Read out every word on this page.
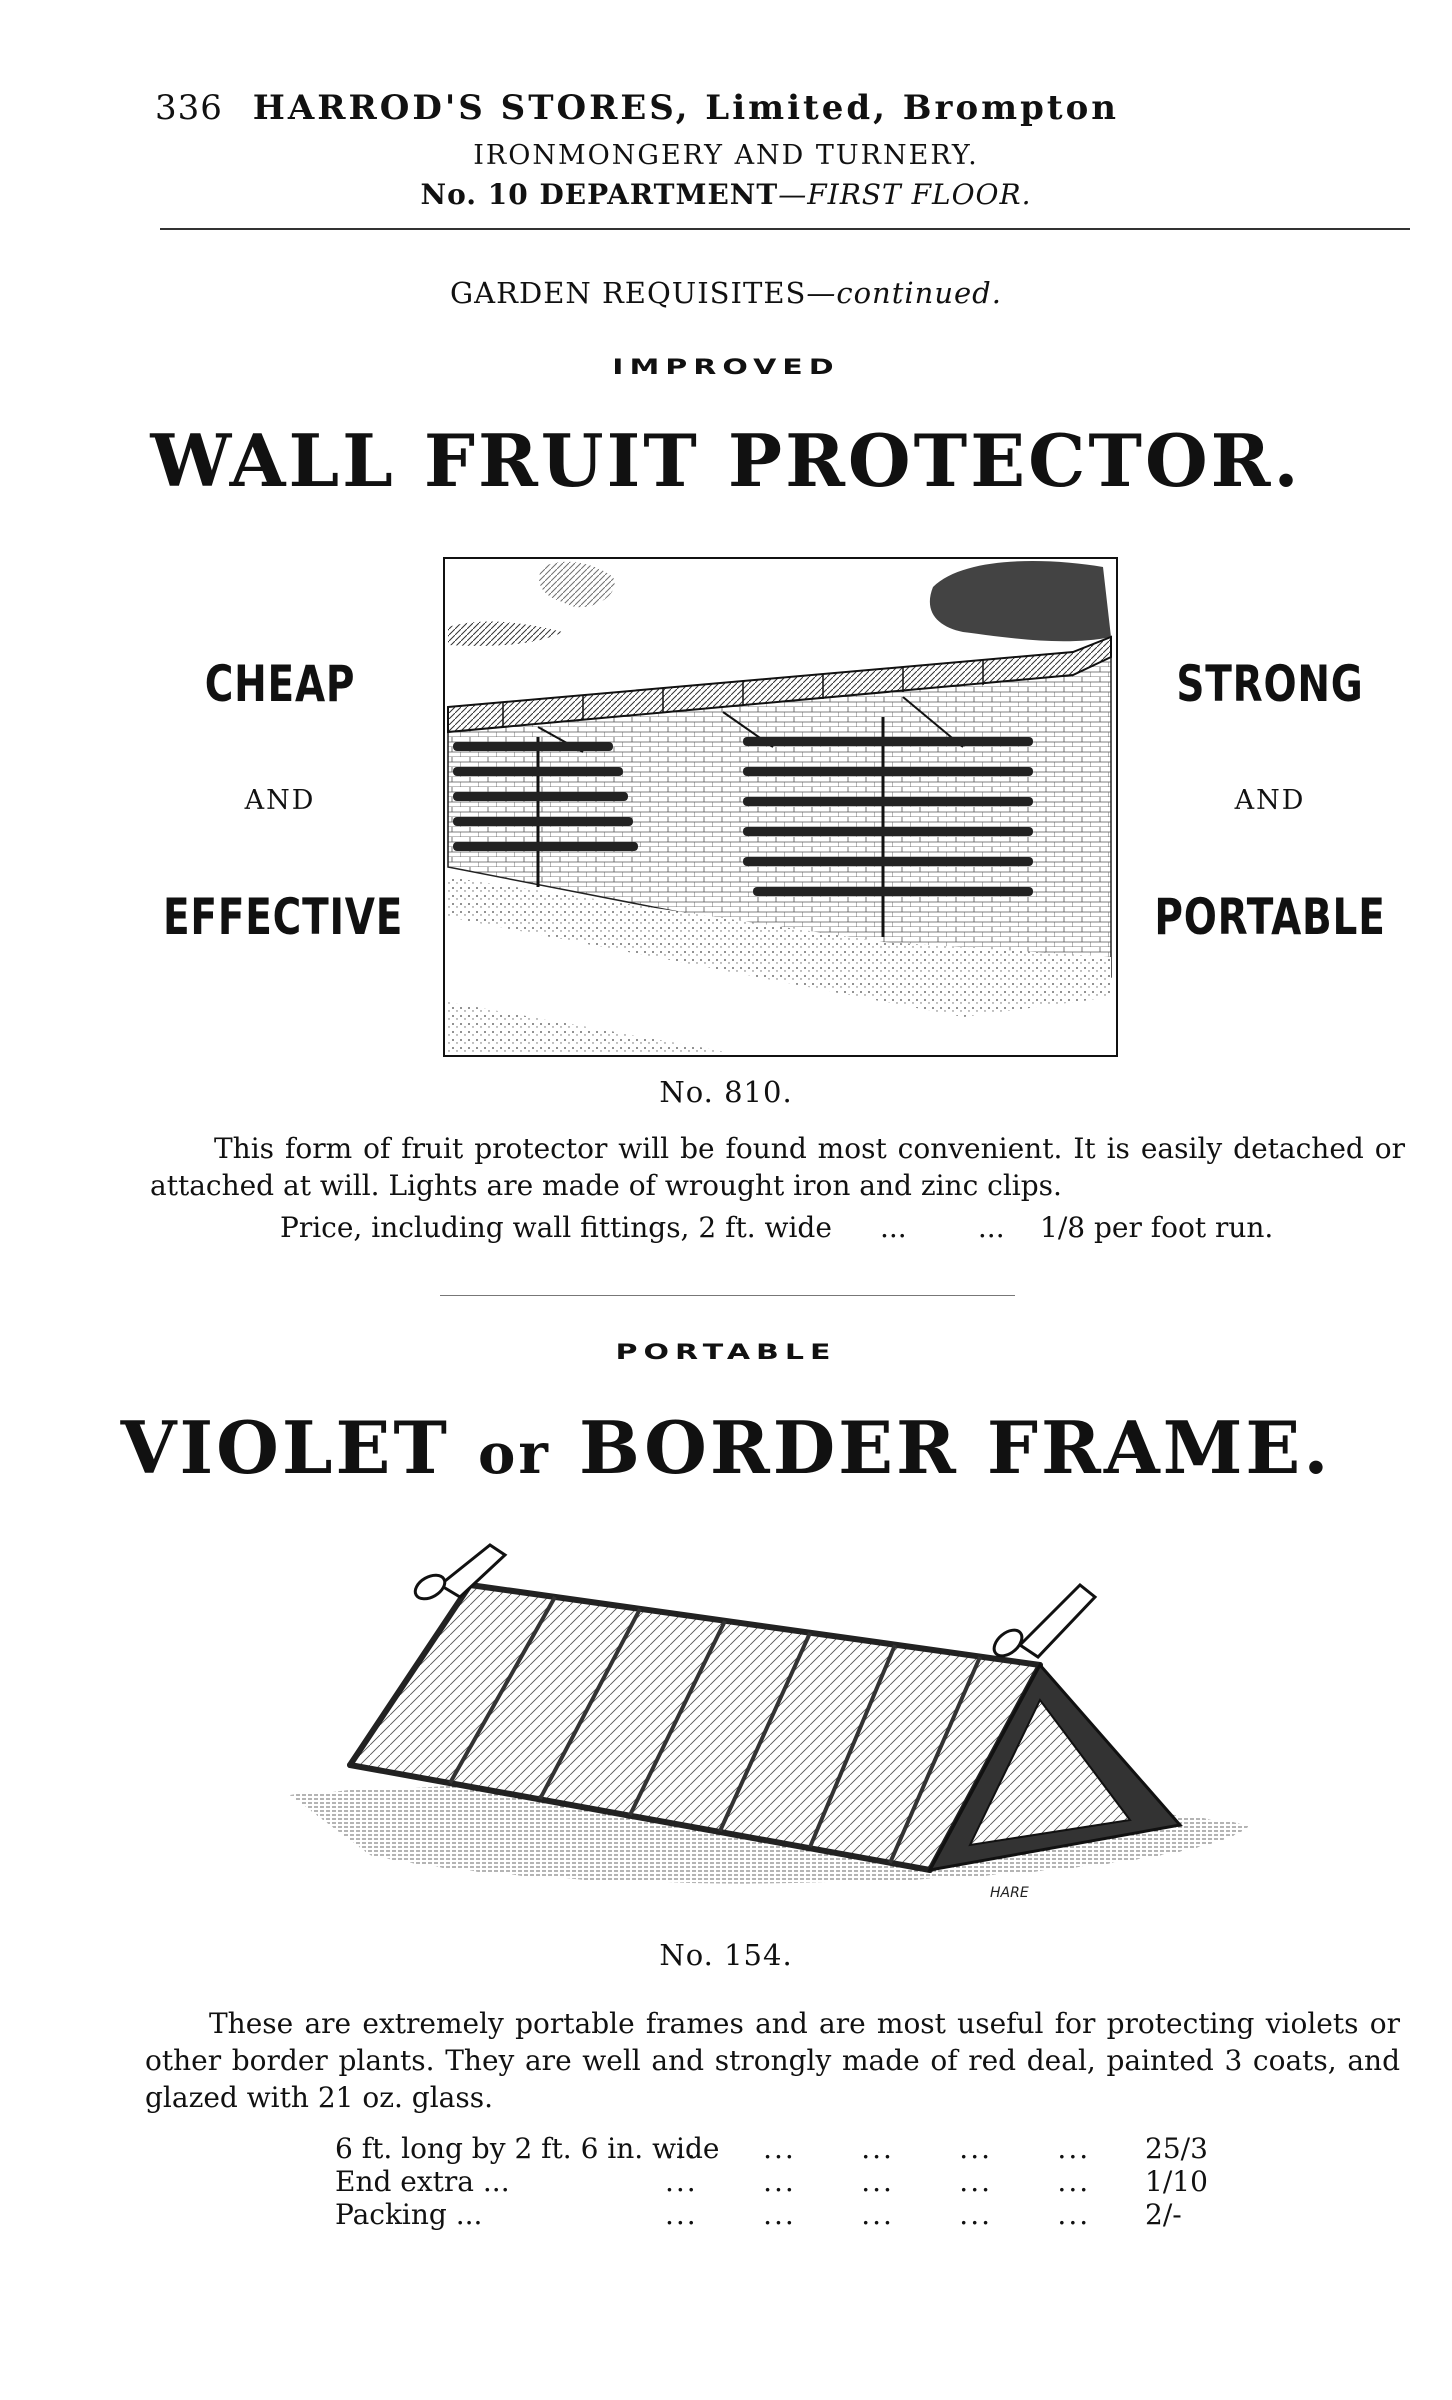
336 HARROD'S STORES, Limited, Brompton
IRONMONGERY AND TURNERY.
No. 10 DEPARTMENT—FIRST FLOOR.
GARDEN REQUISITES—continued.
IMPROVED
WALL FRUIT PROTECTOR.
CHEAP
AND
EFFECTIVE
STRONG
AND
PORTABLE
No. 810.
This form of fruit protector will be found most convenient. It is easily detached or attached at will. Lights are made of wrought iron and zinc clips.
Price, including wall fittings, 2 ft. wide ...        ... 1/8 per foot run.
PORTABLE
VIOLET or BORDER FRAME.
HARE
No. 154.
These are extremely portable frames and are most useful for protecting violets or other border plants. They are well and strongly made of red deal, painted 3 coats, and glazed with 21 oz. glass.
6 ft. long by 2 ft. 6 in. wide
...      ...      ...      ...      ... 25/3
End extra ...	...      ...      ...      ...      ... 1/10
Packing ...	...      ...      ...      ...      ... 2/-
